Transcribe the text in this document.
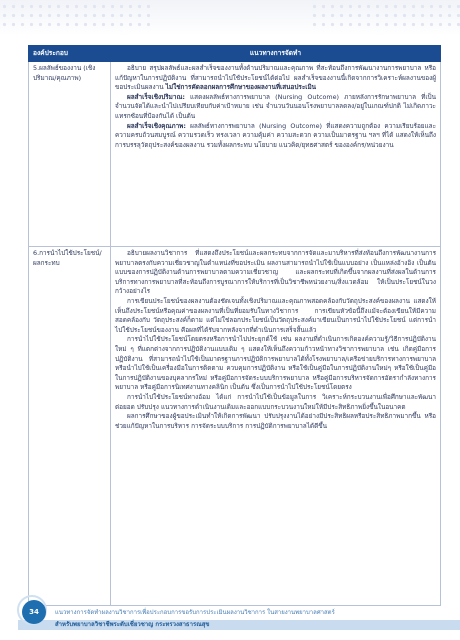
องค์ประกอบ	แนวทางการจัดทำ

5.ผลลัพธ์ของงาน (เชิงปริมาณ/คุณภาพ)	อธิบาย สรุปผลลัพธ์และผลสำเร็จของงานทั้งด้านปริมาณและคุณภาพ ที่สะท้อนถึงการพัฒนางานการพยาบาล หรือแก้ปัญหาในการปฏิบัติงาน ที่สามารถนำไปใช้ประโยชน์ได้ต่อไป ผลสำเร็จของงานนี้เกิดจากการวิเคราะห์ผลงานของผู้ขอประเมินผลงาน ไม่ใช่การคัดลอกผลการศึกษาของผลงานที่เสนอประเมิน

ผลสำเร็จเชิงปริมาณ: แสดงผลลัพธ์ทางการพยาบาล (Nursing Outcome) ภายหลังการรักษาพยาบาล ที่เป็นจำนวนจัดได้และนำไปเปรียบเทียบกับค่าเป้าหมาย เช่น จำนวนวันนอนโรงพยาบาลลดลง/อยู่ในเกณฑ์ปกติ ไม่เกิดภาวะแทรกซ้อนที่ป้องกันได้ เป็นต้น

ผลสำเร็จเชิงคุณภาพ: ผลลัพธ์ทางการพยาบาล (Nursing Outcome) ที่แสดงความถูกต้อง ความเรียบร้อยและความครบถ้วนสมบูรณ์ ความรวดเร็ว ทรงเวลา ความคุ้มค่า ความสะดวก ความเป็นมาตรฐาน ฯลฯ ที่ได้ แสดงให้เห็นถึงการบรรลุวัตถุประสงค์ของผลงาน รวมทั้งผลกระทบ นโยบาย แนวคิด/ยุทธศาสตร์ ขององค์กร/หน่วยงาน

6.การนำไปใช้ประโยชน์/ ผลกระทบ	อธิบายผลงานวิชาการ ที่แสดงถึงประโยชน์และผลกระทบจากการจัดและมาบริหารที่ส่งท้อนถึงการพัฒนางานการพยาบาลตรงกับความเชี่ยวชาญในตำแหน่งที่ขอประเมิน ผลงานสามารถนำไปใช้เป็นแบบอย่าง เป็นแหล่งอ้างอิง เป็นต้นแบบของการปฏิบัติงานด้านการพยาบาลตามความเชี่ยวชาญ และผลกระทบที่เกิดขึ้นจากผลงานที่ส่งผลในด้านการบริการทางการพยาบาลที่สะท้อนถึงการบูรณาการให้บริการที่เป็นวิชาชีพหน่วยงาน/สิ่งแวดล้อม ให้เป็นประโยชน์ในวงกว้างอย่างไร

การเขียนประโยชน์ของผลงานต้องชัดเจนทั้งเชิงปริมาณและคุณภาพสอดคล้องกับวัตถุประสงค์ของผลงาน แสดงให้ เห็นถึงประโยชน์หรือคุณค่าของผลงานที่เป็นที่ยอมรับในทางวิชาการ การเขียนหัวข้อนี้ถึงแม้จะต้องเขียนให้มีความสอดคล้องกับ วัตถุประสงค์ก็ตาม แต่ไม่ใช่ลอกประโยชน์เป็นวัตถุประสงค์มาเขียนเป็นการนำไปใช้ประโยชน์ แต่การนำไปใช้ประโยชน์ของงาน คือผลที่ได้รับจากหลังจากที่ดำเนินการเสร็จสิ้นแล้ว

การนำไปใช้ประโยชน์โดยตรงหรือการนำไปประยุกต์ใช้ เช่น ผลงานที่ดำเนินการเกิดองค์ความรู้/วิธีการปฏิบัติงานใหม่ ๆ ที่แตกต่างจากการปฏิบัติงานแบบเดิม ๆ แสดงให้เห็นถึงความก้าวหน้าทางวิชาการพยาบาล เช่น เกิดคู่มือการปฏิบัติงาน ที่สามารถนำไปใช้เป็นมาตรฐานการปฏิบัติการพยาบาลได้ทั้งโรงพยาบาล/เครือข่ายบริการทางการพยาบาลหรือนำไปใช้เป็นเครื่องมือในการติดตาม ควบคุมการปฏิบัติงาน หรือใช้เป็นคู่มือในการปฏิบัติงานใหม่ๆ หรือใช้เป็นคู่มือในการปฏิบัติงานของบุคลากรใหม่ หรือคู่มือการจัดระบบบริการพยาบาล หรือคู่มือการบริหารจัดการอัตรากำลังทางการพยาบาล หรือคู่มือการนิเทศงานทางคลินิก เป็นต้น ซึ่งเป็นการนำไปใช้ประโยชน์โดยตรง

การนำไปใช้ประโยชน์ทางอ้อม ได้แก่ การนำไปใช้เป็นข้อมูลในการ วิเคราะห์กระบวนงานเพื่อศึกษาและพัฒนาต่อยอด ปรับปรุง แนวทางการดำเนินงานเดิมและออกแบบกระบวนงานใหม่ให้มีประสิทธิภาพยิ่งขึ้นในอนาคต

ผลการศึกษาของผู้ขอประเมินทำให้เกิดการพัฒนา ปรับปรุงงานได้อย่างมีประสิทธิผลหรือประสิทธิภาพมากขึ้น หรือช่วยแก้ปัญหาในการบริหาร การจัดระบบบริการ การปฏิบัติการพยาบาลได้ดีขึ้น

34	แนวทางการจัดทำผลงานวิชาการเพื่อประกอบการขอรับการประเมินผลงานวิชาการ ในสายงานพยาบาลศาสตร์
สำหรับพยาบาลวิชาชีพระดับเชี่ยวชาญ กระทรวงสาธารณสุข
